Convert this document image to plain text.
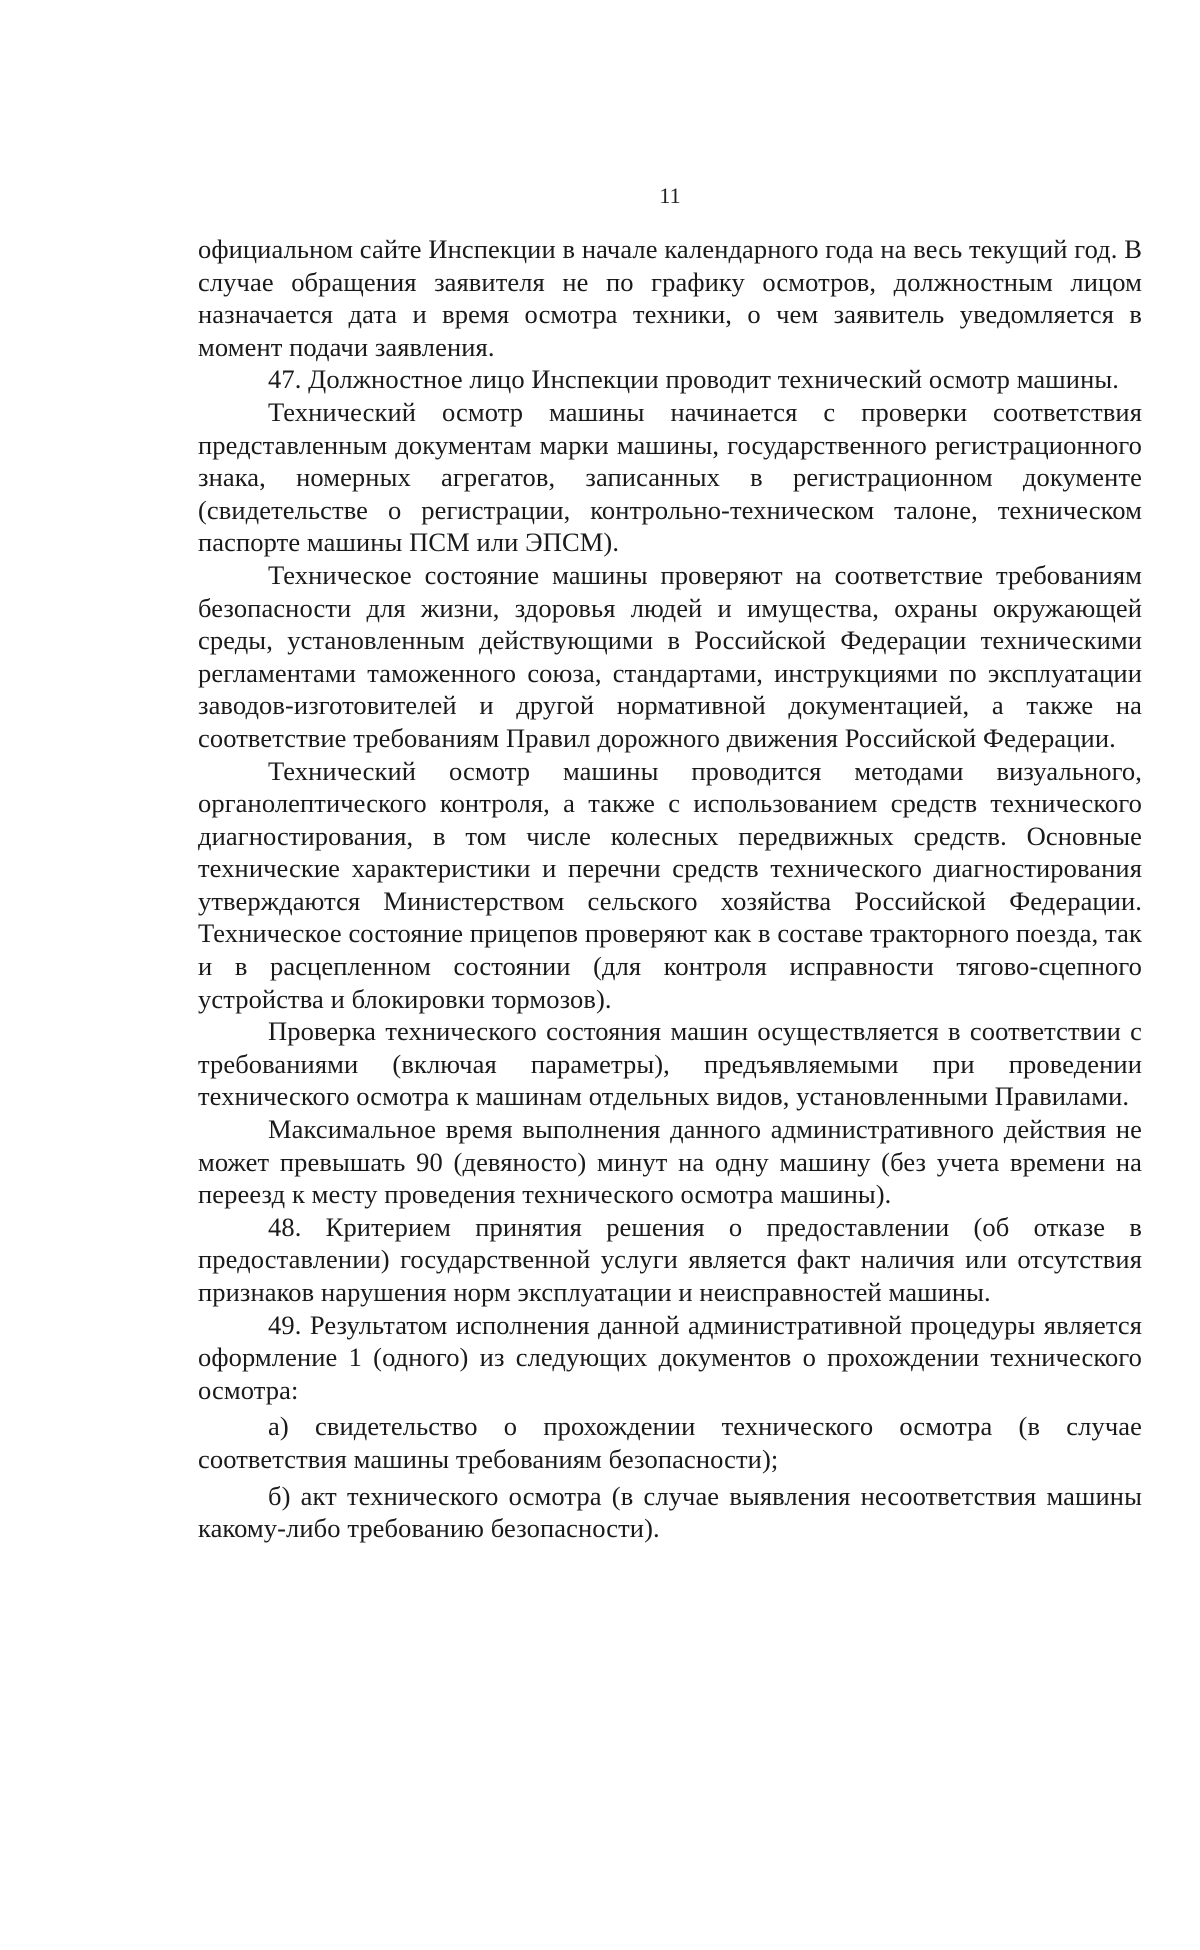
11

официальном сайте Инспекции в начале календарного года на весь текущий год. В случае обращения заявителя не по графику осмотров, должностным лицом назначается дата и время осмотра техники, о чем заявитель уведомляется в момент подачи заявления.

47. Должностное лицо Инспекции проводит технический осмотр машины.

Технический осмотр машины начинается с проверки соответствия представленным документам марки машины, государственного регистрационного знака, номерных агрегатов, записанных в регистрационном документе (свидетельстве о регистрации, контрольно-техническом талоне, техническом паспорте машины ПСМ или ЭПСМ).

Техническое состояние машины проверяют на соответствие требованиям безопасности для жизни, здоровья людей и имущества, охраны окружающей среды, установленным действующими в Российской Федерации техническими регламентами таможенного союза, стандартами, инструкциями по эксплуатации заводов-изготовителей и другой нормативной документацией, а также на соответствие требованиям Правил дорожного движения Российской Федерации.

Технический осмотр машины проводится методами визуального, органолептического контроля, а также с использованием средств технического диагностирования, в том числе колесных передвижных средств. Основные технические характеристики и перечни средств технического диагностирования утверждаются Министерством сельского хозяйства Российской Федерации. Техническое состояние прицепов проверяют как в составе тракторного поезда, так и в расцепленном состоянии (для контроля исправности тягово-сцепного устройства и блокировки тормозов).

Проверка технического состояния машин осуществляется в соответствии с требованиями (включая параметры), предъявляемыми при проведении технического осмотра к машинам отдельных видов, установленными Правилами.

Максимальное время выполнения данного административного действия не может превышать 90 (девяносто) минут на одну машину (без учета времени на переезд к месту проведения технического осмотра машины).

48. Критерием принятия решения о предоставлении (об отказе в предоставлении) государственной услуги является факт наличия или отсутствия признаков нарушения норм эксплуатации и неисправностей машины.

49. Результатом исполнения данной административной процедуры является оформление 1 (одного) из следующих документов о прохождении технического осмотра:

а) свидетельство о прохождении технического осмотра (в случае соответствия машины требованиям безопасности);

б) акт технического осмотра (в случае выявления несоответствия машины какому-либо требованию безопасности).
